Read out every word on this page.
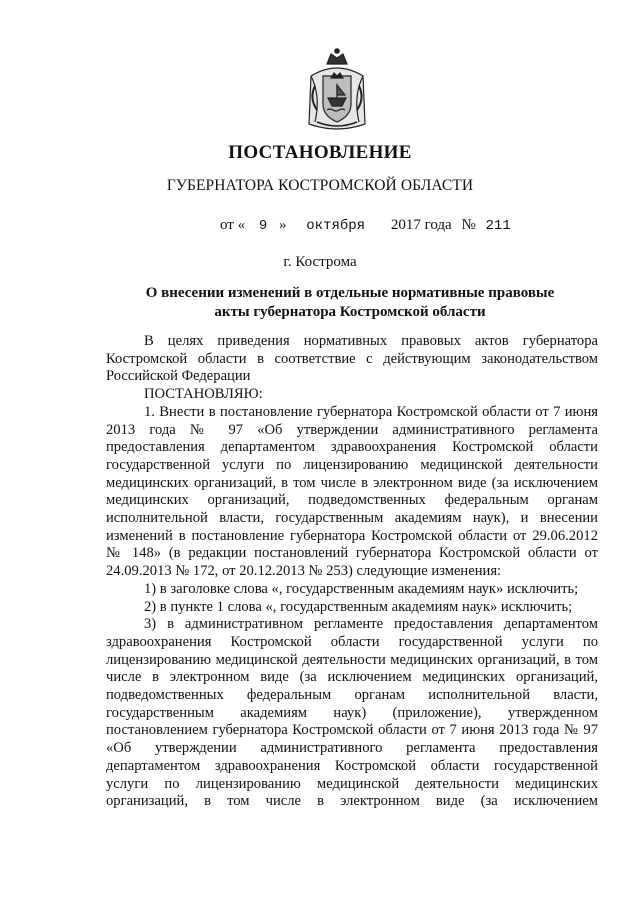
ПОСТАНОВЛЕНИЕ
ГУБЕРНАТОРА КОСТРОМСКОЙ ОБЛАСТИ
от « 9 » октября 2017 года № 211
г. Кострома
О внесении изменений в отдельные нормативные правовые
акты губернатора Костромской области

В целях приведения нормативных правовых актов губернатора Костромской области в соответствие с действующим законодательством Российской Федерации

ПОСТАНОВЛЯЮ:

1. Внести в постановление губернатора Костромской области от 7 июня 2013 года № 97 «Об утверждении административного регламента предоставления департаментом здравоохранения Костромской области государственной услуги по лицензированию медицинской деятельности медицинских организаций, в том числе в электронном виде (за исключением медицинских организаций, подведомственных федеральным органам исполнительной власти, государственным академиям наук), и внесении изменений в постановление губернатора Костромской области от 29.06.2012 № 148» (в редакции постановлений губернатора Костромской области от 24.09.2013 № 172, от 20.12.2013 № 253) следующие изменения:

1) в заголовке слова «, государственным академиям наук» исключить;

2) в пункте 1 слова «, государственным академиям наук» исключить;

3) в административном регламенте предоставления департаментом здравоохранения Костромской области государственной услуги по лицензированию медицинской деятельности медицинских организаций, в том числе в электронном виде (за исключением медицинских организаций, подведомственных федеральным органам исполнительной власти, государственным академиям наук) (приложение), утвержденном постановлением губернатора Костромской области от 7 июня 2013 года № 97 «Об утверждении административного регламента предоставления департаментом здравоохранения Костромской области государственной услуги по лицензированию медицинской деятельности медицинских организаций, в том числе в электронном виде (за исключением
